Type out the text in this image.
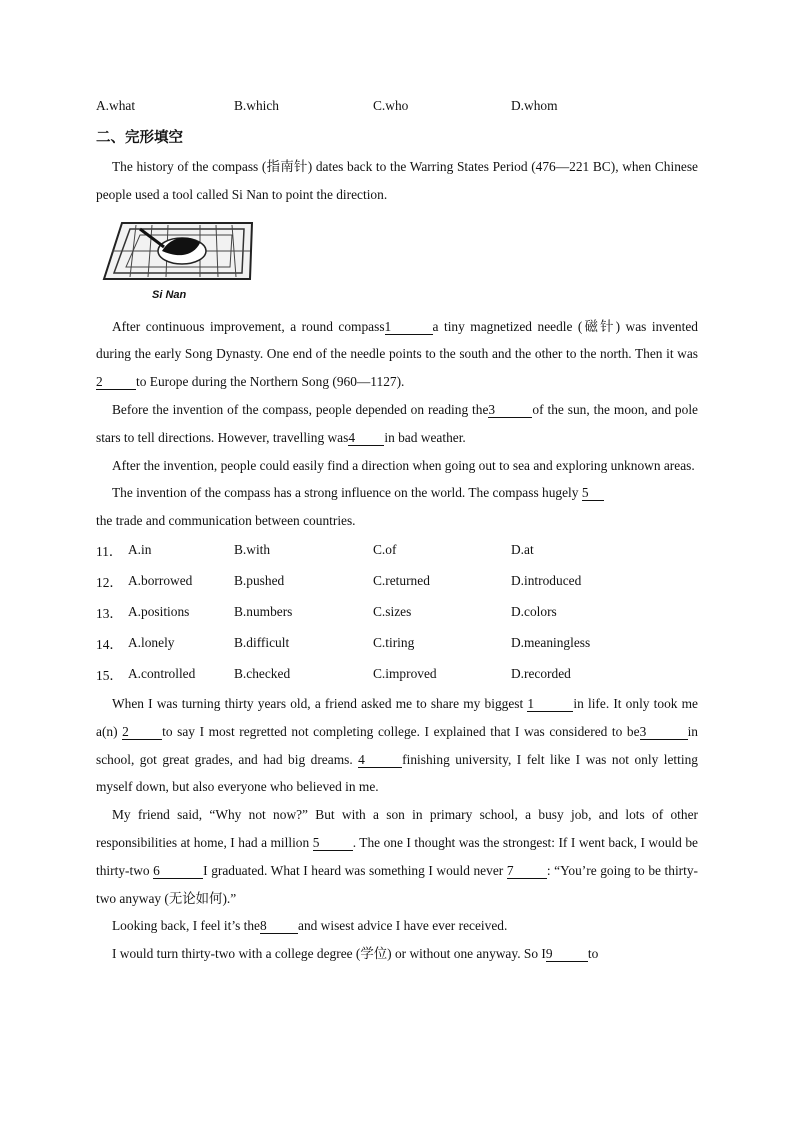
A.what	B.which	C.who	D.whom
二、完形填空

The history of the compass (指南针) dates back to the Warring States Period (476—221 BC), when Chinese people used a tool called Si Nan to point the direction.

Si Nan

After continuous improvement, a round compass1	a tiny magnetized needle (磁针) was invented during the early Song Dynasty. One end of the needle points to the south and the other to the north. Then it was2 to Europe during the Northern Song (960—1127).

Before the invention of the compass, people depended on reading the3	of the sun, the moon, and pole stars to tell directions. However, travelling was4 in bad weather.

After the invention, people could easily find a direction when going out to sea and exploring unknown areas.

The invention of the compass has a strong influence on the world. The compass hugely 5
the trade and communication between countries.

11． A.in	B.with	C.of	D.at
12． A.borrowed	B.pushed	C.returned	D.introduced
13． A.positions	B.numbers	C.sizes	D.colors
14． A.lonely	B.difficult	C.tiring	D.meaningless
15． A.controlled	B.checked	C.improved	D.recorded

When I was turning thirty years old, a friend asked me to share my biggest 1	in life. It only took me a(n) 2 to say I most regretted not completing college. I explained that I was considered to be3	in school, got great grades, and had big dreams. 4	finishing university, I felt like I was not only letting myself down, but also everyone who believed in me.

My friend said, “Why not now?” But with a son in primary school, a busy job, and lots of other responsibilities at home, I had a million 5 . The one I thought was the strongest: If I went back, I would be thirty-two 6	I graduated. What I heard was something I would never 7 : “You’re going to be thirty-two anyway (无论如何).”

Looking back, I feel it’s the8 and wisest advice I have ever received.

I would turn thirty-two with a college degree (学位) or without one anyway. So I9	to
